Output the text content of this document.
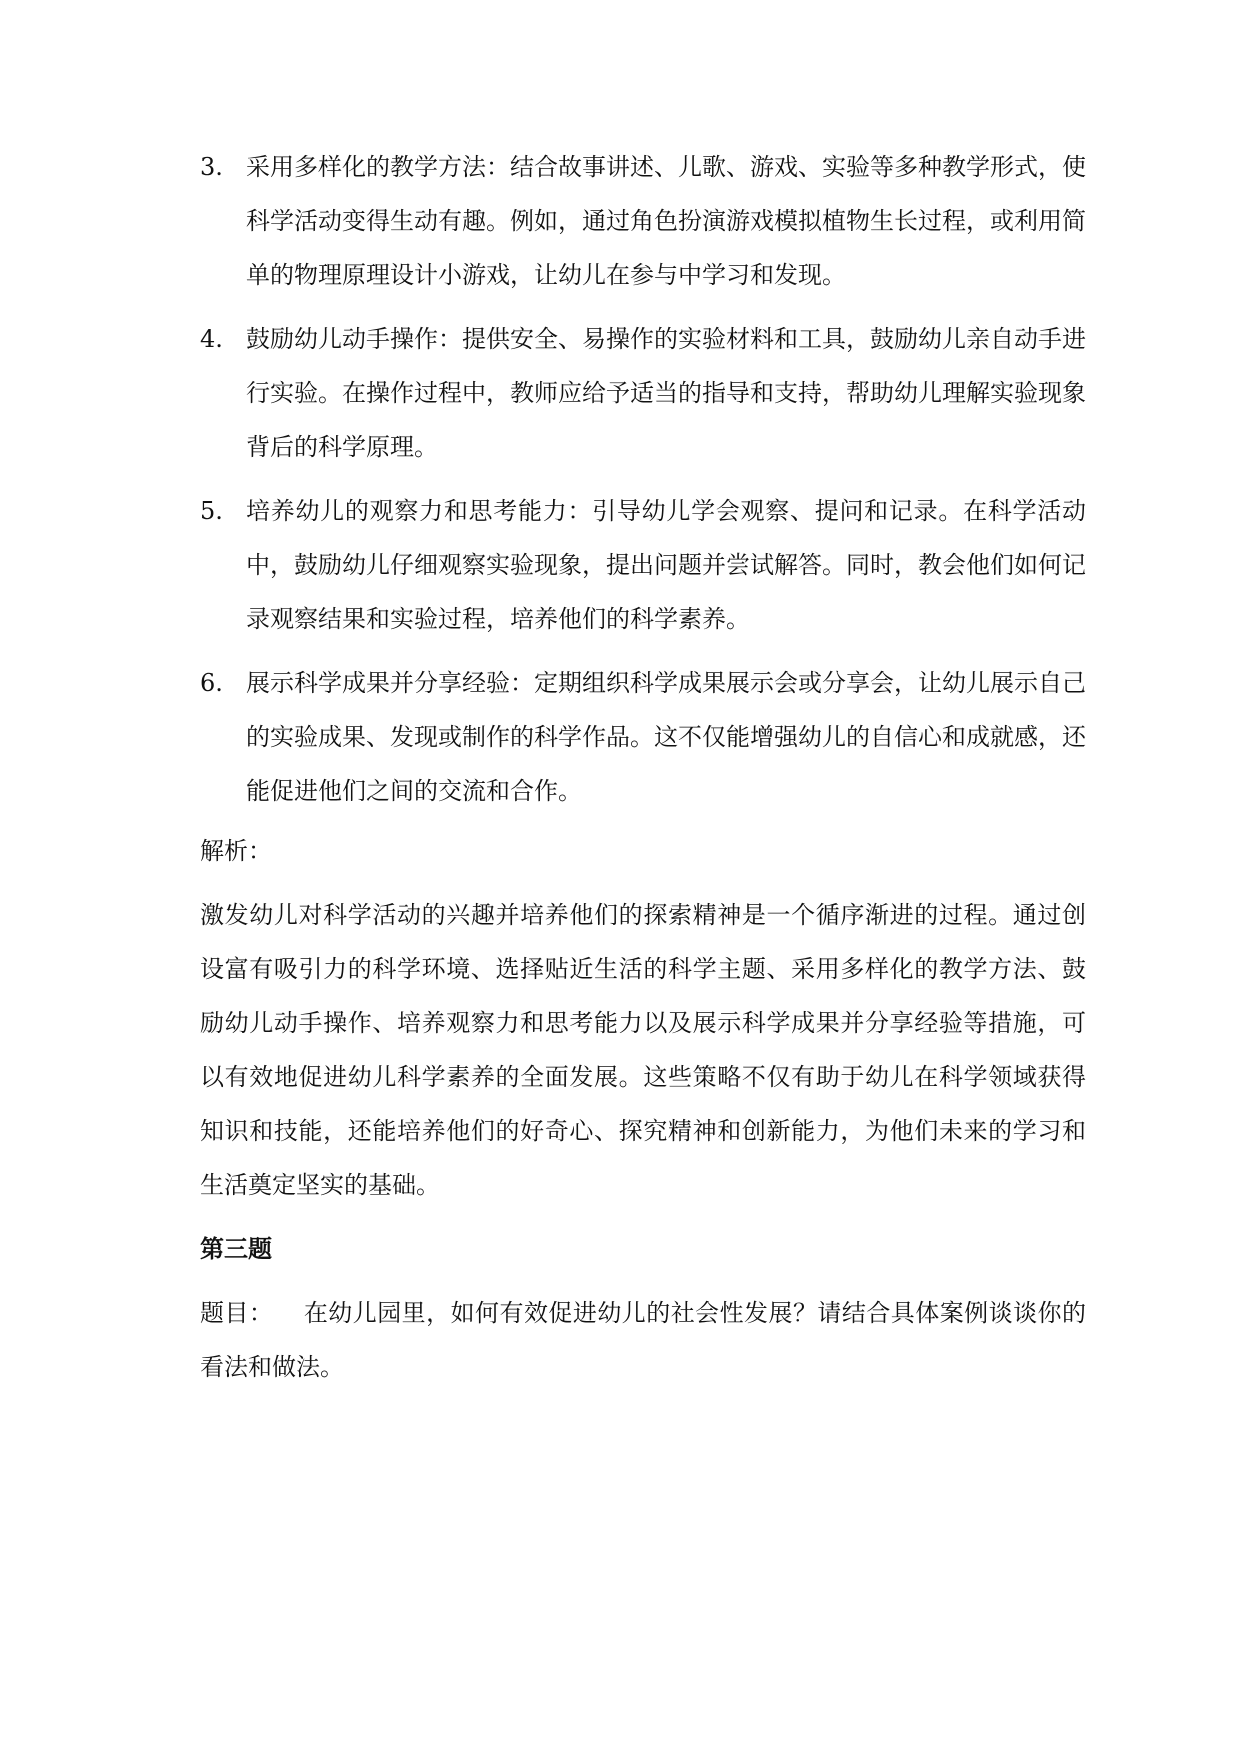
3. 采用多样化的教学方法：结合故事讲述、儿歌、游戏、实验等多种教学形式，使科学活动变得生动有趣。例如，通过角色扮演游戏模拟植物生长过程，或利用简单的物理原理设计小游戏，让幼儿在参与中学习和发现。
4. 鼓励幼儿动手操作：提供安全、易操作的实验材料和工具，鼓励幼儿亲自动手进行实验。在操作过程中，教师应给予适当的指导和支持，帮助幼儿理解实验现象背后的科学原理。
5. 培养幼儿的观察力和思考能力：引导幼儿学会观察、提问和记录。在科学活动中，鼓励幼儿仔细观察实验现象，提出问题并尝试解答。同时，教会他们如何记录观察结果和实验过程，培养他们的科学素养。
6. 展示科学成果并分享经验：定期组织科学成果展示会或分享会，让幼儿展示自己的实验成果、发现或制作的科学作品。这不仅能增强幼儿的自信心和成就感，还能促进他们之间的交流和合作。
解析：
激发幼儿对科学活动的兴趣并培养他们的探索精神是一个循序渐进的过程。通过创设富有吸引力的科学环境、选择贴近生活的科学主题、采用多样化的教学方法、鼓励幼儿动手操作、培养观察力和思考能力以及展示科学成果并分享经验等措施，可以有效地促进幼儿科学素养的全面发展。这些策略不仅有助于幼儿在科学领域获得知识和技能，还能培养他们的好奇心、探究精神和创新能力，为他们未来的学习和生活奠定坚实的基础。
第三题
题目： 在幼儿园里，如何有效促进幼儿的社会性发展？请结合具体案例谈谈你的看法和做法。
